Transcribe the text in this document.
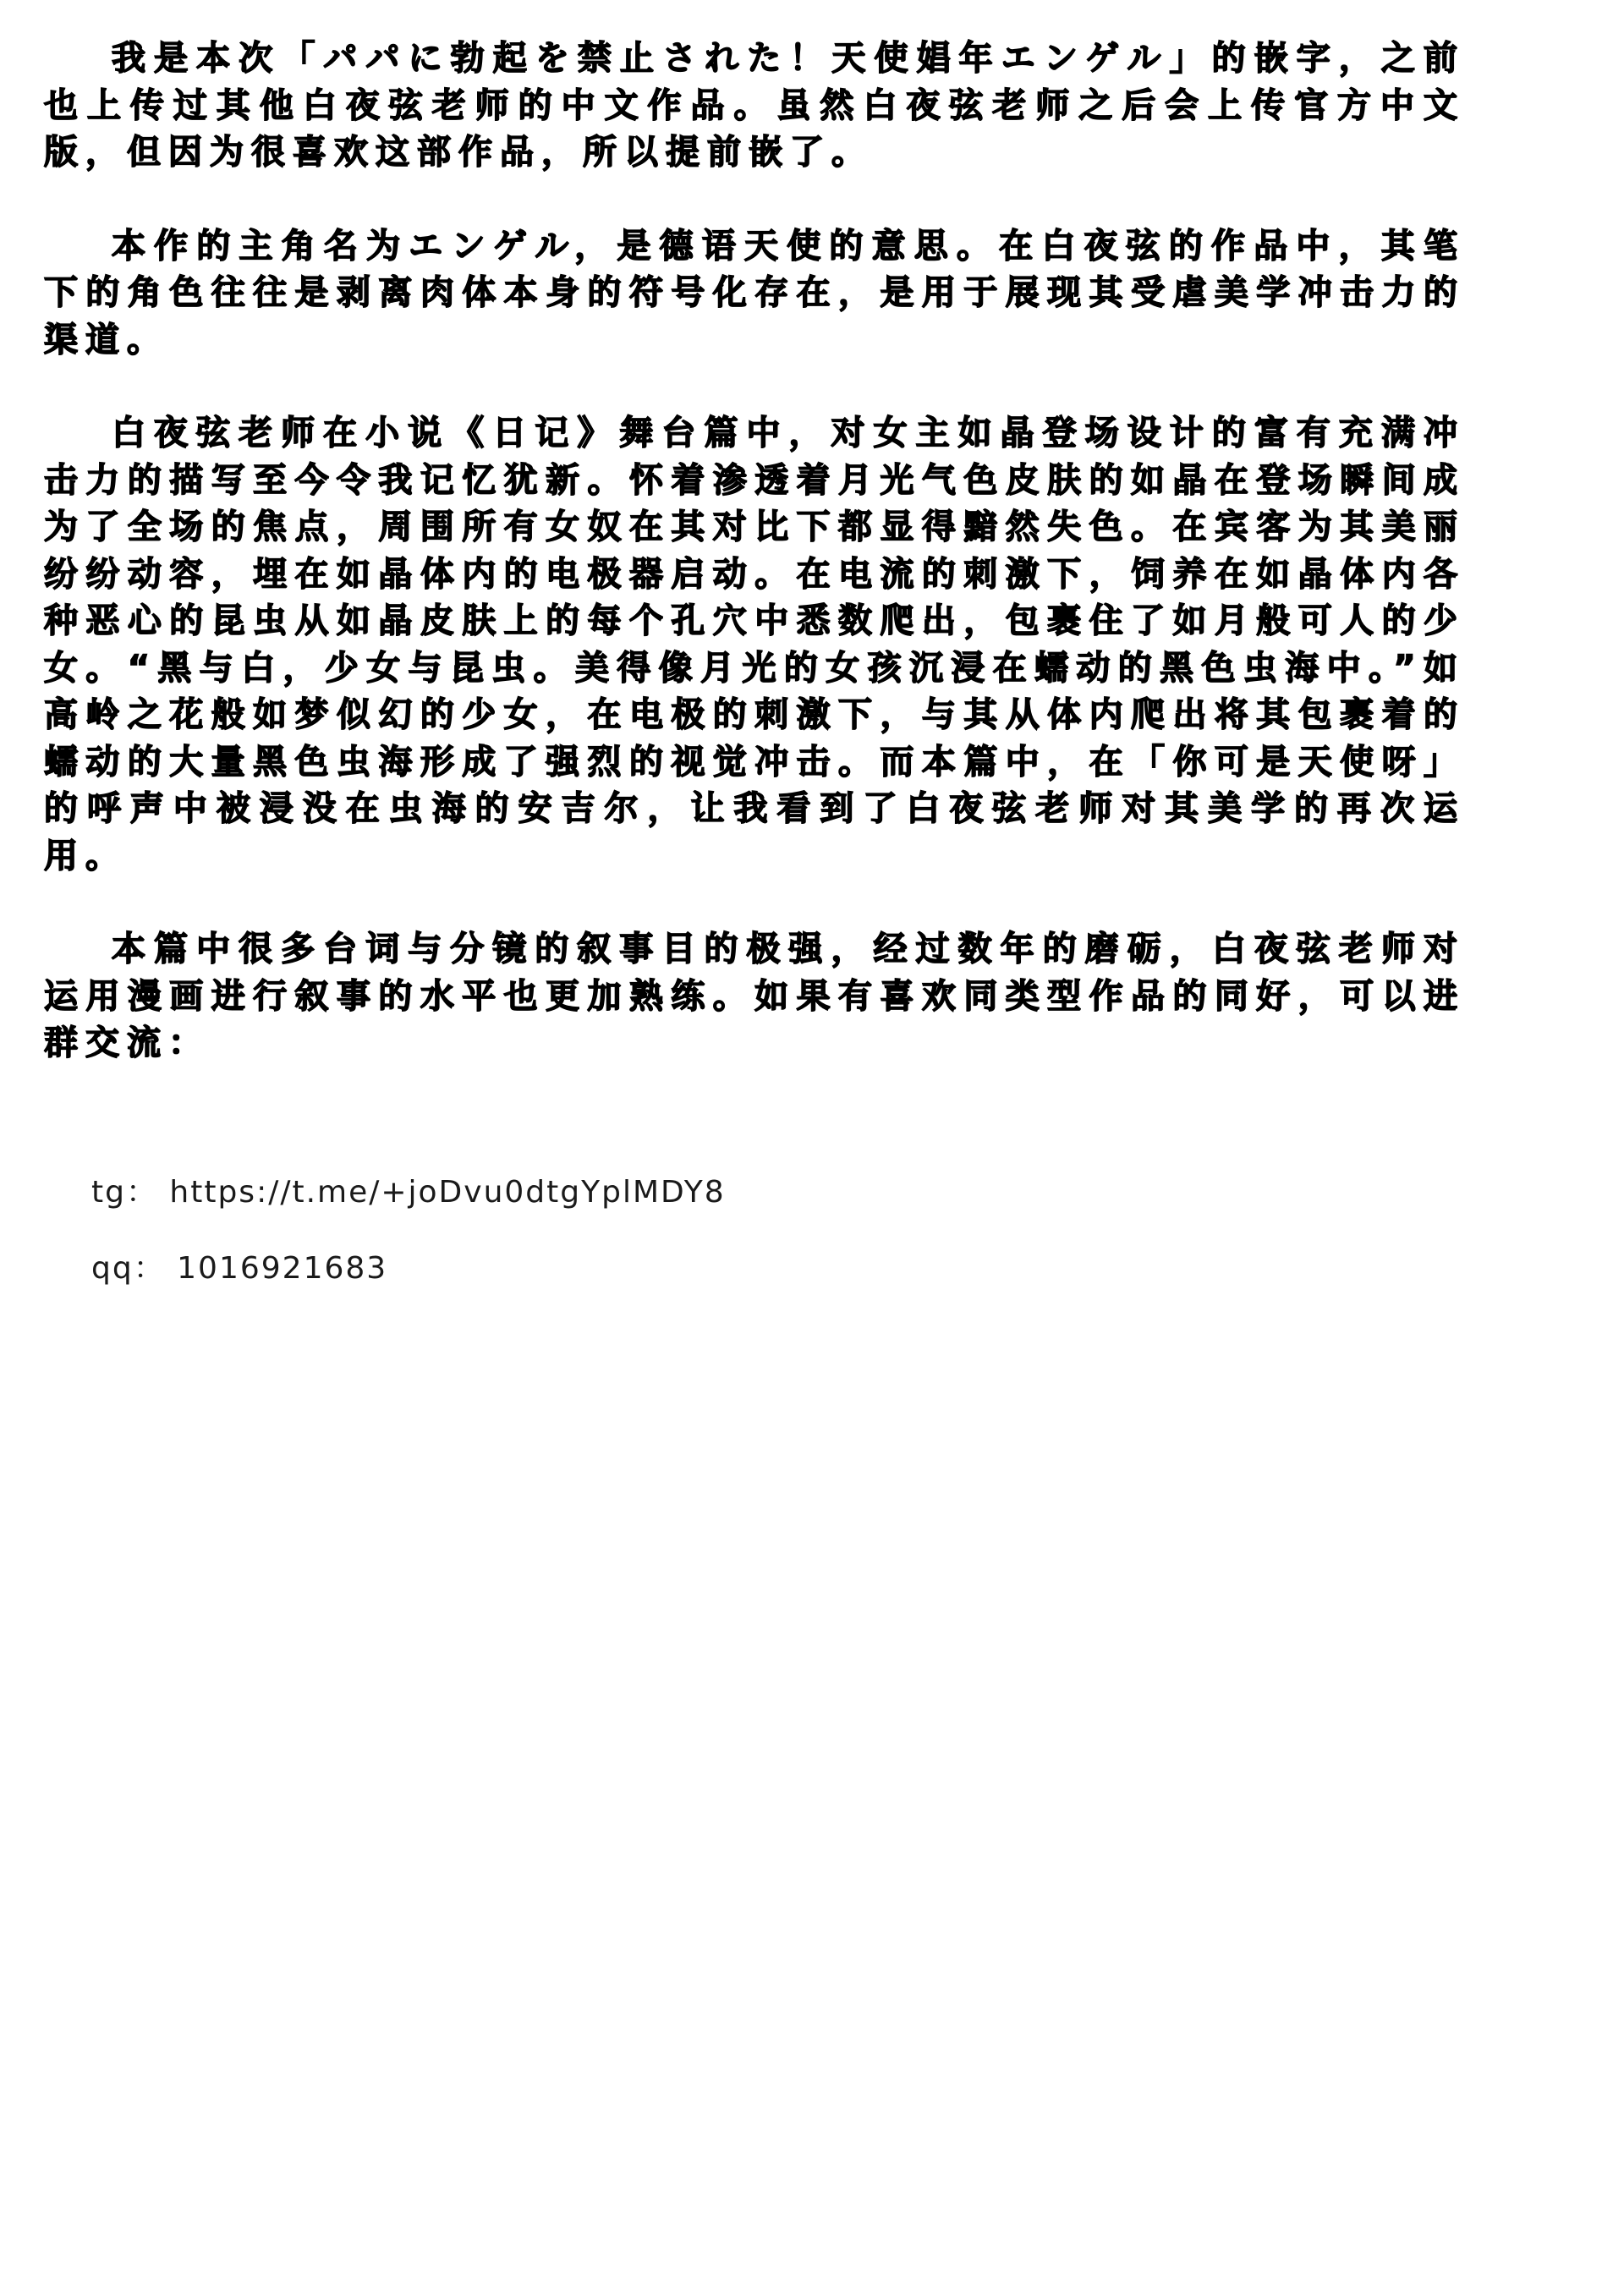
我是本次「パパに勃起を禁止された！天使娼年エンゲル」的嵌字，之前也上传过其他白夜弦老师的中文作品。虽然白夜弦老师之后会上传官方中文版，但因为很喜欢这部作品，所以提前嵌了。

本作的主角名为エンゲル，是德语天使的意思。在白夜弦的作品中，其笔下的角色往往是剥离肉体本身的符号化存在，是用于展现其受虐美学冲击力的渠道。

白夜弦老师在小说《日记》舞台篇中，对女主如晶登场设计的富有充满冲击力的描写至今令我记忆犹新。怀着渗透着月光气色皮肤的如晶在登场瞬间成为了全场的焦点，周围所有女奴在其对比下都显得黯然失色。在宾客为其美丽纷纷动容，埋在如晶体内的电极器启动。在电流的刺激下，饲养在如晶体内各种恶心的昆虫从如晶皮肤上的每个孔穴中悉数爬出，包裹住了如月般可人的少女。“黑与白，少女与昆虫。美得像月光的女孩沉浸在蠕动的黑色虫海中。”如高岭之花般如梦似幻的少女，在电极的刺激下，与其从体内爬出将其包裹着的蠕动的大量黑色虫海形成了强烈的视觉冲击。而本篇中，在「你可是天使呀」的呼声中被浸没在虫海的安吉尔，让我看到了白夜弦老师对其美学的再次运用。

本篇中很多台词与分镜的叙事目的极强，经过数年的磨砺，白夜弦老师对运用漫画进行叙事的水平也更加熟练。如果有喜欢同类型作品的同好，可以进群交流：

tg： https://t.me/+joDvu0dtgYplMDY8
qq： 1016921683
